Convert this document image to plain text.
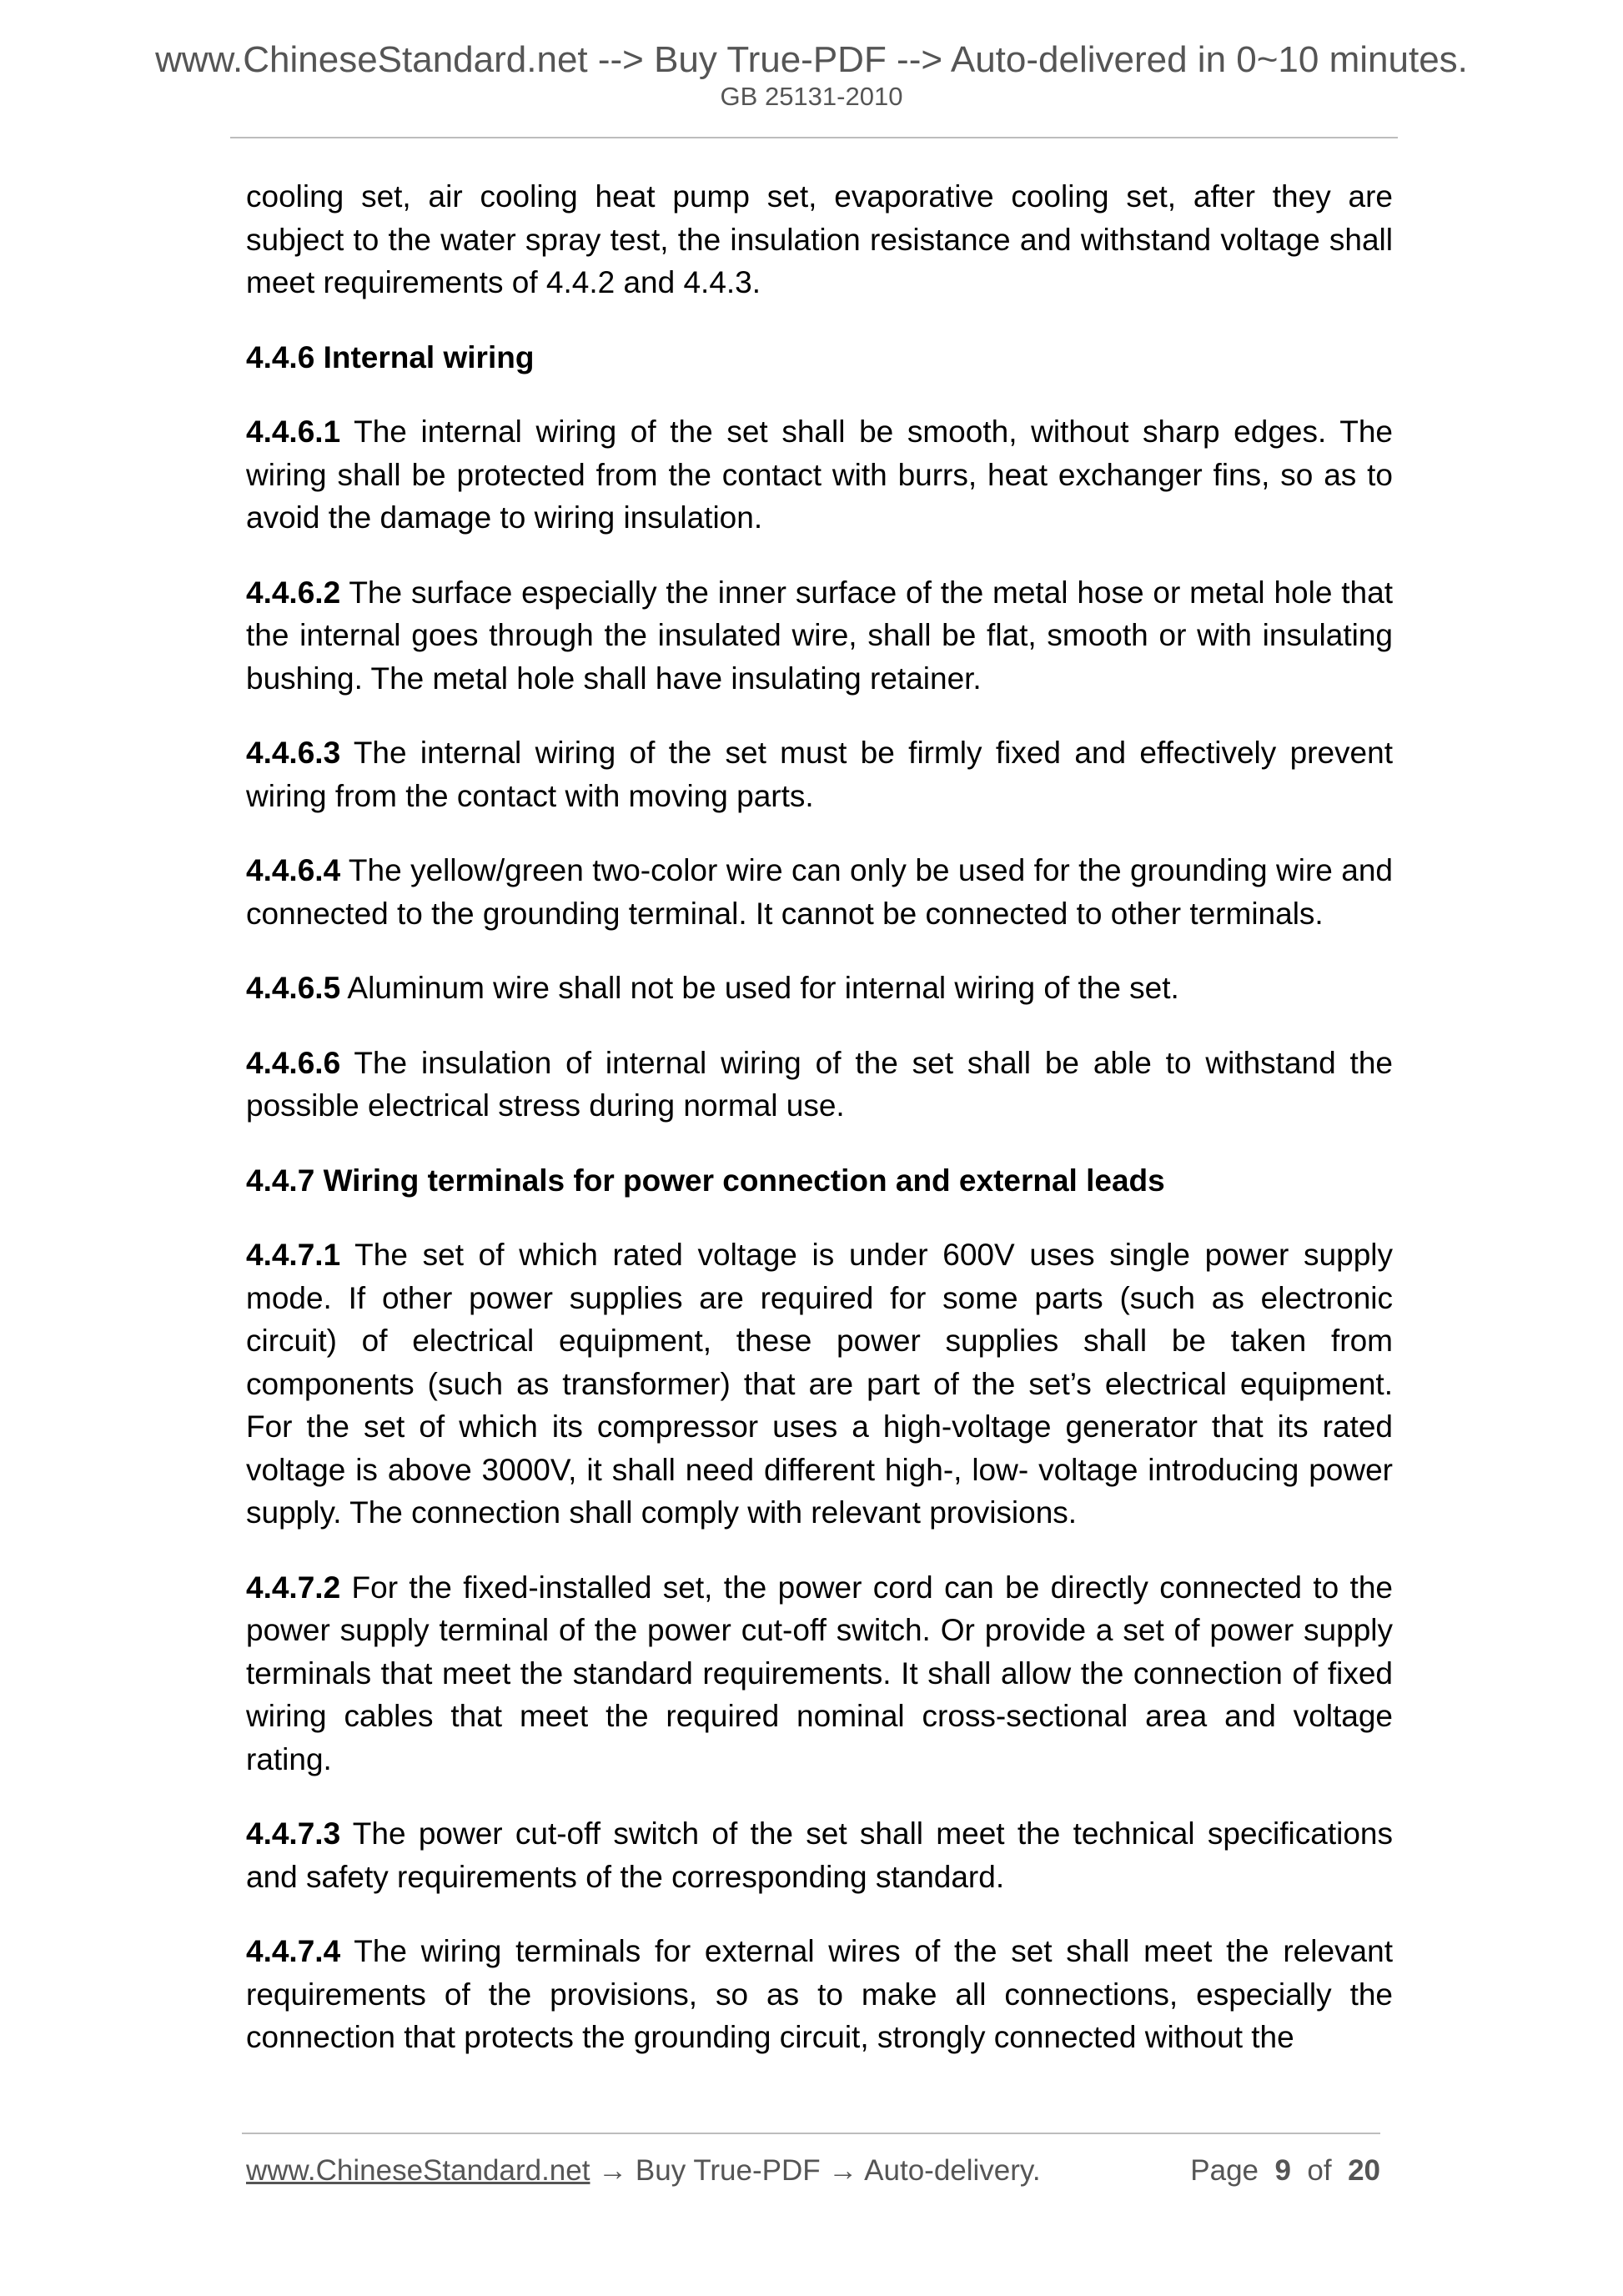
www.ChineseStandard.net --> Buy True-PDF --> Auto-delivered in 0~10 minutes.
GB 25131-2010

cooling set, air cooling heat pump set, evaporative cooling set, after they are subject to the water spray test, the insulation resistance and withstand voltage shall meet requirements of 4.4.2 and 4.4.3.

4.4.6 Internal wiring

4.4.6.1 The internal wiring of the set shall be smooth, without sharp edges. The wiring shall be protected from the contact with burrs, heat exchanger fins, so as to avoid the damage to wiring insulation.

4.4.6.2 The surface especially the inner surface of the metal hose or metal hole that the internal goes through the insulated wire, shall be flat, smooth or with insulating bushing. The metal hole shall have insulating retainer.

4.4.6.3 The internal wiring of the set must be firmly fixed and effectively prevent wiring from the contact with moving parts.

4.4.6.4 The yellow/green two-color wire can only be used for the grounding wire and connected to the grounding terminal. It cannot be connected to other terminals.

4.4.6.5 Aluminum wire shall not be used for internal wiring of the set.

4.4.6.6 The insulation of internal wiring of the set shall be able to withstand the possible electrical stress during normal use.

4.4.7 Wiring terminals for power connection and external leads

4.4.7.1 The set of which rated voltage is under 600V uses single power supply mode. If other power supplies are required for some parts (such as electronic circuit) of electrical equipment, these power supplies shall be taken from components (such as transformer) that are part of the set’s electrical equipment. For the set of which its compressor uses a high-voltage generator that its rated voltage is above 3000V, it shall need different high-, low- voltage introducing power supply. The connection shall comply with relevant provisions.

4.4.7.2 For the fixed-installed set, the power cord can be directly connected to the power supply terminal of the power cut-off switch. Or provide a set of power supply terminals that meet the standard requirements. It shall allow the connection of fixed wiring cables that meet the required nominal cross-sectional area and voltage rating.

4.4.7.3 The power cut-off switch of the set shall meet the technical specifications and safety requirements of the corresponding standard.

4.4.7.4 The wiring terminals for external wires of the set shall meet the relevant requirements of the provisions, so as to make all connections, especially the connection that protects the grounding circuit, strongly connected without the

www.ChineseStandard.net → Buy True-PDF → Auto-delivery.	Page 9 of 20
